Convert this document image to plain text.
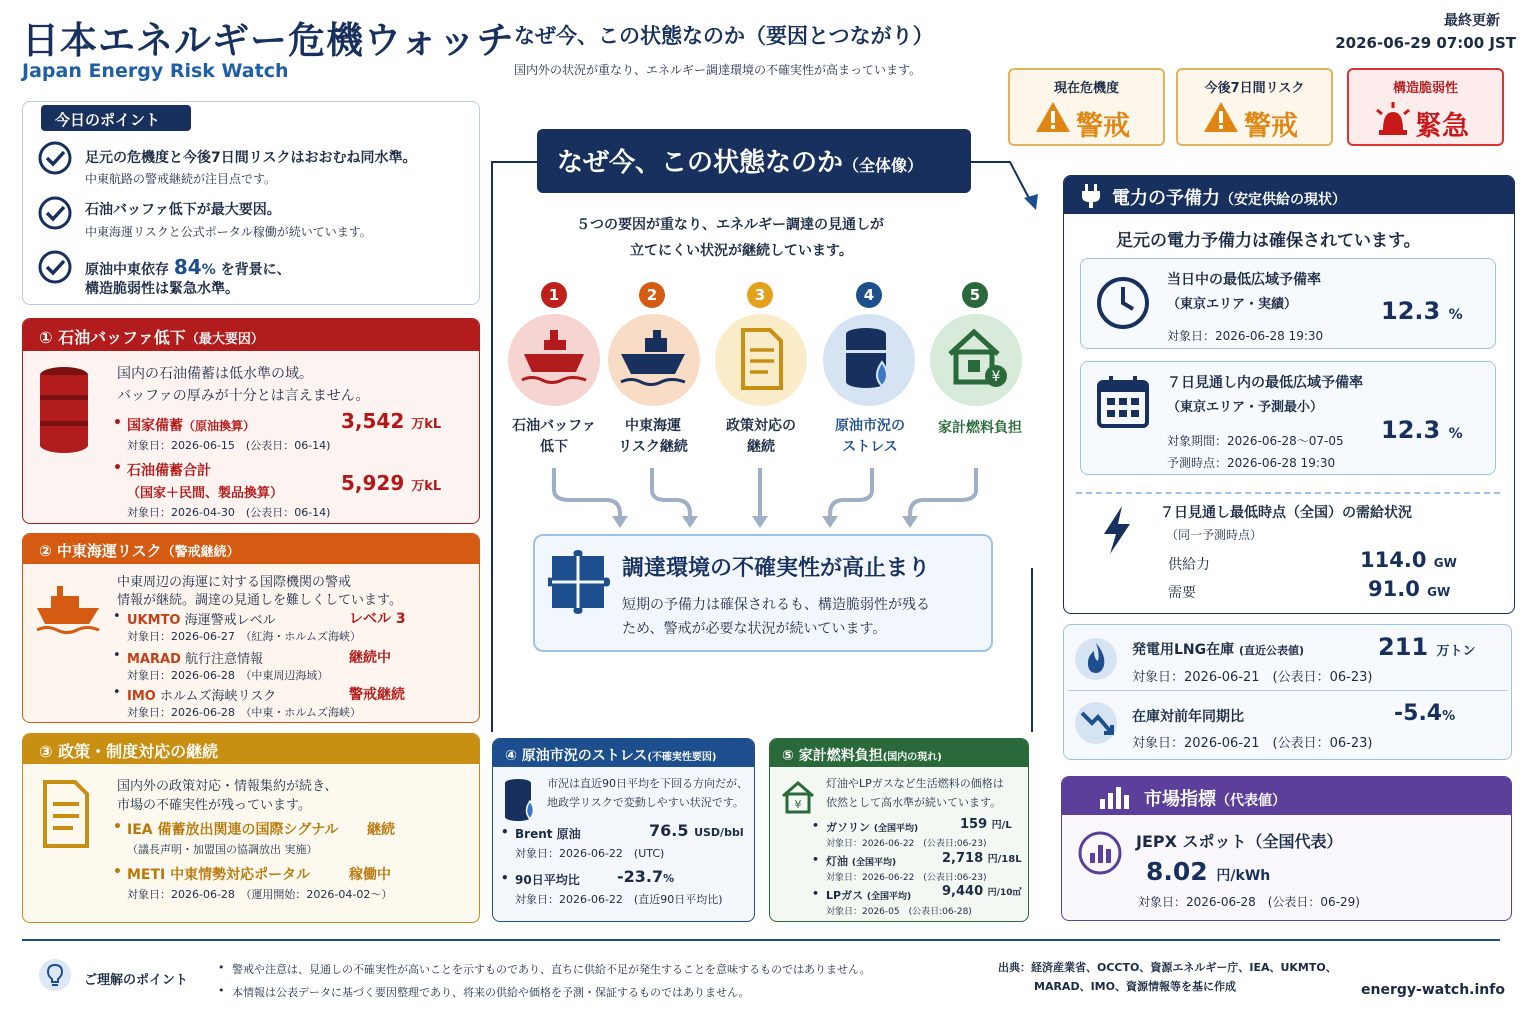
日本エネルギー危機ウォッチ
Japan Energy Risk Watch
なぜ今、この状態なのか（要因とつながり）
国内外の状況が重なり、エネルギー調達環境の不確実性が高まっています。
最終更新
2026-06-29 07:00 JST
現在危機度
警戒
今後7日間リスク
警戒
構造脆弱性
緊急
今日のポイント
足元の危機度と今後7日間リスクはおおむね同水準。
中東航路の警戒継続が注目点です。
石油バッファ低下が最大要因。
中東海運リスクと公式ポータル稼働が続いています。
原油中東依存 84% を背景に、
構造脆弱性は緊急水準。
① 石油バッファ低下（最大要因）
国内の石油備蓄は低水準の域。
バッファの厚みが十分とは言えません。
• 国家備蓄（原油換算）	3,542 万kL
対象日：2026-06-15　(公表日：06-14)
• 石油備蓄合計
（国家＋民間、製品換算）	5,929 万kL
対象日：2026-04-30　(公表日：06-14)
② 中東海運リスク（警戒継続）
中東周辺の海運に対する国際機関の警戒
情報が継続。調達の見通しを難しくしています。
• UKMTO 海運警戒レベル	レベル 3
対象日：2026-06-27　（紅海・ホルムズ海峡）
• MARAD 航行注意情報	継続中
対象日：2026-06-28　（中東周辺海域）
• IMO ホルムズ海峡リスク	警戒継続
対象日：2026-06-28　（中東・ホルムズ海峡）
③ 政策・制度対応の継続
国内外の政策対応・情報集約が続き、
市場の不確実性が残っています。
• IEA 備蓄放出関連の国際シグナル 継続
（議長声明・加盟国の協調放出 実施）
• METI 中東情勢対応ポータル	稼働中
対象日：2026-06-28　（運用開始：2026-04-02～）
なぜ今、この状態なのか（全体像）
５つの要因が重なり、エネルギー調達の見通しが
立てにくい状況が継続しています。
1
石油バッファ
低下
2
中東海運
リスク継続
3
政策対応の
継続
4
原油市況の
ストレス
5
¥
家計燃料負担
調達環境の不確実性が高止まり
短期の予備力は確保されるも、構造脆弱性が残る
ため、警戒が必要な状況が続いています。
④ 原油市況のストレス(不確実性要因)
市況は直近90日平均を下回る方向だが、
地政学リスクで変動しやすい状況です。
• Brent 原油	76.5 USD/bbl
対象日：2026-06-22　(UTC)
• 90日平均比 -23.7%
対象日：2026-06-22　(直近90日平均比)
⑤ 家計燃料負担(国内の現れ)
¥
灯油やLPガスなど生活燃料の価格は
依然として高水準が続いています。
• ガソリン (全国平均)	159 円/L
対象日：2026-06-22　(公表日:06-23)
• 灯油 (全国平均)	2,718 円/18L
対象日：2026-06-22　(公表日:06-23)
• LPガス (全国平均) 9,440 円/10㎥
対象日：2026-05　(公表日:06-28)
電力の予備力（安定供給の現状）
足元の電力予備力は確保されています。
当日中の最低広域予備率
（東京エリア・実績）	12.3 %
対象日：2026-06-28 19:30
７日見通し内の最低広域予備率
（東京エリア・予測最小）
12.3 %
対象期間：2026-06-28～07-05
予測時点：2026-06-28 19:30
７日見通し最低時点（全国）の需給状況
（同一予測時点）
供給力	114.0 GW
需要	91.0 GW
発電用LNG在庫 (直近公表値)	211 万トン
対象日：2026-06-21　(公表日：06-23)
在庫対前年同期比	-5.4%
対象日：2026-06-21　(公表日：06-23)
市場指標（代表値）
JEPX スポット（全国代表）
8.02 円/kWh
対象日：2026-06-28　(公表日：06-29)
ご理解のポイント
• 警戒や注意は、見通しの不確実性が高いことを示すものであり、直ちに供給不足が発生することを意味するものではありません。
• 本情報は公表データに基づく要因整理であり、将来の供給や価格を予測・保証するものではありません。
出典：経済産業省、OCCTO、資源エネルギー庁、IEA、UKMTO、
MARAD、IMO、資源情報等を基に作成	energy-watch.info
